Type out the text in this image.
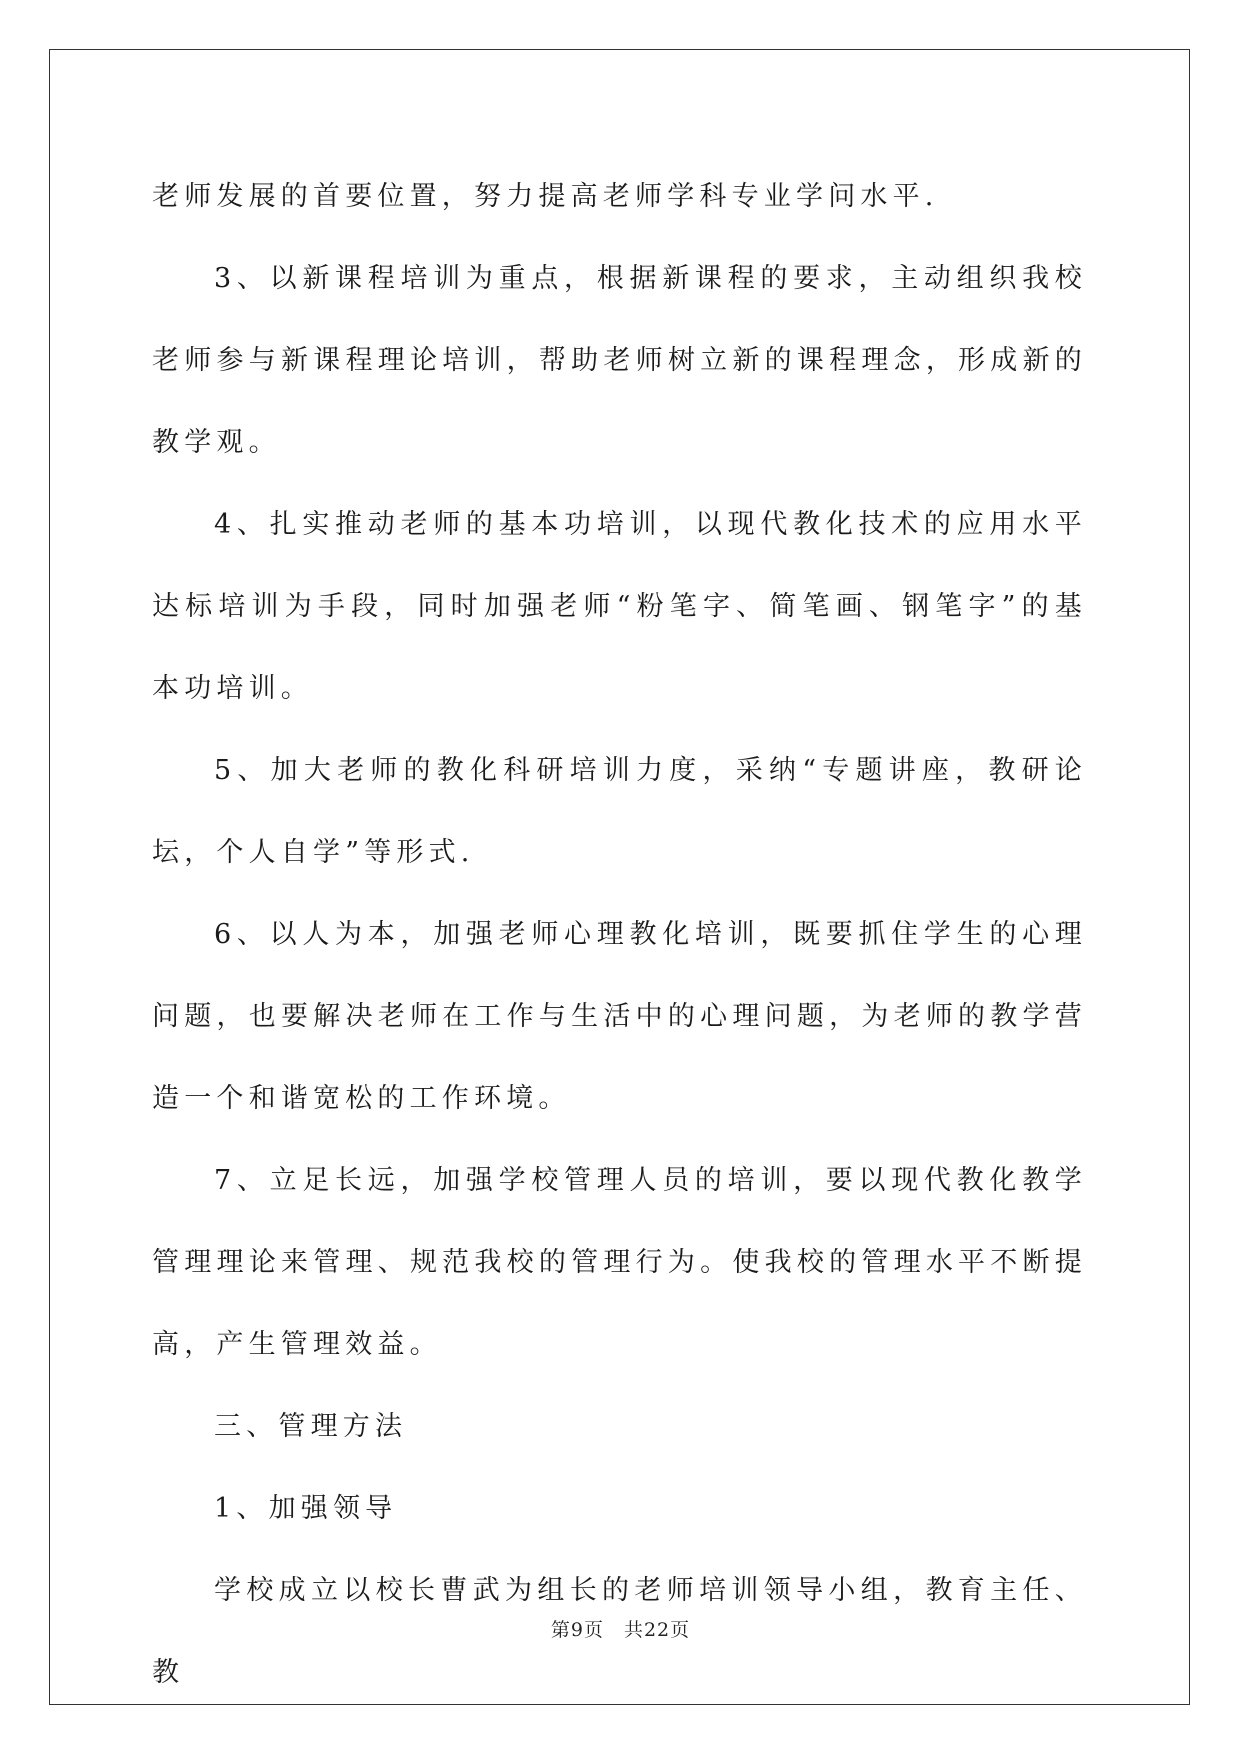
老师发展的首要位置，努力提高老师学科专业学问水平.

3、以新课程培训为重点，根据新课程的要求，主动组织我校老师参与新课程理论培训，帮助老师树立新的课程理念，形成新的教学观。

4、扎实推动老师的基本功培训，以现代教化技术的应用水平达标培训为手段，同时加强老师“粉笔字、简笔画、钢笔字”的基本功培训。

5、加大老师的教化科研培训力度，采纳“专题讲座，教研论坛，个人自学”等形式.

6、以人为本，加强老师心理教化培训，既要抓住学生的心理问题，也要解决老师在工作与生活中的心理问题，为老师的教学营造一个和谐宽松的工作环境。

7、立足长远，加强学校管理人员的培训，要以现代教化教学管理理论来管理、规范我校的管理行为。使我校的管理水平不断提高，产生管理效益。

三、管理方法

1、加强领导

学校成立以校长曹武为组长的老师培训领导小组，教育主任、教

第9页　共22页
